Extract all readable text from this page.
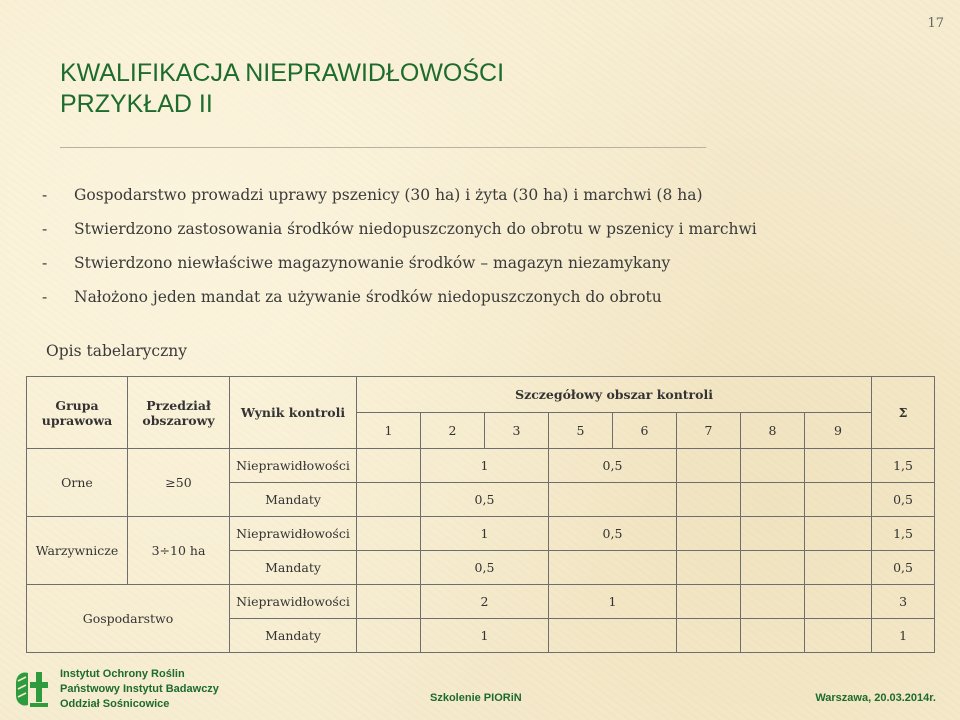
17
KWALIFIKACJA NIEPRAWIDŁOWOŚCI
PRZYKŁAD II
- Gospodarstwo prowadzi uprawy pszenicy (30 ha) i żyta (30 ha) i marchwi (8 ha)
- Stwierdzono zastosowania środków niedopuszczonych do obrotu w pszenicy i marchwi
- Stwierdzono niewłaściwe magazynowanie środków – magazyn niezamykany
- Nałożono jeden mandat za używanie środków niedopuszczonych do obrotu
Opis tabelaryczny
Grupa uprawowa	Przedział obszarowy	Wynik kontroli	Szczegółowy obszar kontroli								Σ
			1	2	3	5	6	7	8	9	
Orne	≥50	Nieprawidłowości		1		0,5					1,5
		Mandaty		0,5							0,5
Warzywnicze	3÷10 ha	Nieprawidłowości		1		0,5					1,5
		Mandaty		0,5							0,5
Gospodarstwo		Nieprawidłowości		2		1					3
		Mandaty		1							1
Instytut Ochrony Roślin
Państwowy Instytut Badawczy
Oddział Sośnicowice	Szkolenie PIORiN	Warszawa, 20.03.2014r.
